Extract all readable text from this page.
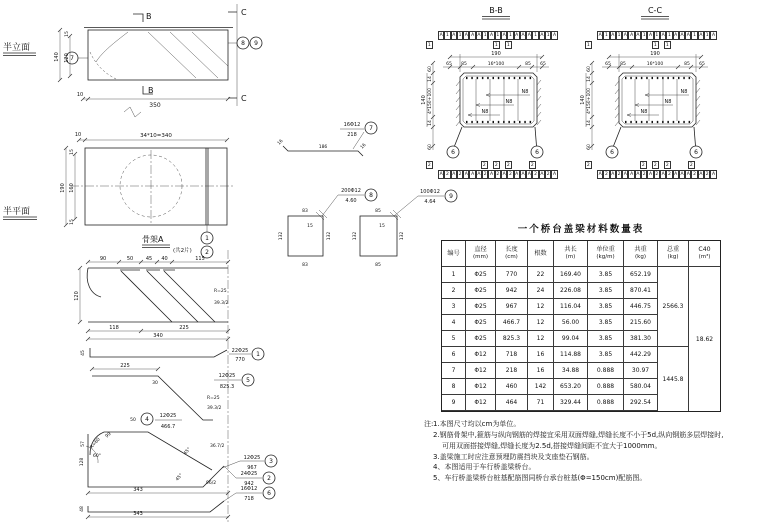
半立面
B
B
C
C
140 120
15
350
10
7
8 9
半平面
34*10=340
10
190 160
15
15
1
2
骨架A
(共2片)
90	50	45 40	115
120
118	225
340
R=25
39.3/2
45	22Φ25
770
1
225
30
R=25
39.3/2
12Φ25
825.3
5
50
57 R=60
99
60°
45°
36.7/2
4
12Φ25
466.7
12Φ25
967
3
128
343
96/2
45°	24Φ25
942
2
48
343
16Φ12
718
6
16
186	16
16Φ12
218
7
83
83
132	132
15
200Φ12
4.60
8
85
85
132	132
15
100Φ12
4.64
9
B-B
190
65 85	16*100	85 65
60
14
4*150+100
14
60
140
N8
N8
N8
6	6
C-C
190
65 85	16*100	85 65
60
14
4*150+100
14
60
140
N8
N8
N8
6	6
A 1 A 1 A A A 1 A 1 A 1 A A A 1 A 1 A
1	1
1
2	2	2	2
2
A 2 A 2 A A A 2 A 2 A 2 A A A 2 A 2 A
A 1 A 1 A A A 1 A 1 A 1 A A A 1 A 1 A
1	1
1
2	2	2	2
2
A 2 A 2 A A A 2 A 2 A 2 A A A 2 A 2 A
一个桥台盖梁材料数量表
编号 直径
(mm)
长度
(cm)
根数	共长
(m)
单位重
(kg/m)
共重
(kg)
1	Φ25	770	22	169.40	3.85	652.19
2	Φ25	942	24	226.08	3.85	870.41
3	Φ25	967	12	116.04	3.85	446.75
4	Φ25	466.7	12	56.00	3.85	215.60
5	Φ25	825.3	12	99.04	3.85	381.30
6	Φ12	718	16	114.88	3.85	442.29
7	Φ12	218	16	34.88	0.888	30.97
8	Φ12	460	142	653.20	0.888	580.04
9	Φ12	464	71	329.44	0.888	292.54
总重
(kg)
2566.3
1445.8
C40
(m³)
18.62
注: 1.本图尺寸均以cm为单位。
2.钢筋骨架中,箍筋与纵向钢筋的焊接宜采用双面焊缝,焊缝长度不小于5d,纵向钢筋多层焊接时,可用双面搭接焊缝,焊缝长度为2.5d,搭接焊缝间距不宜大于1000mm。
3.盖梁施工时应注意预埋防震挡块及支座垫石钢筋。
4、本图适用于车行桥盖梁桥台。
5、车行桥盖梁桥台桩基配筋图同桥台承台桩基(Φ=150cm)配筋图。
